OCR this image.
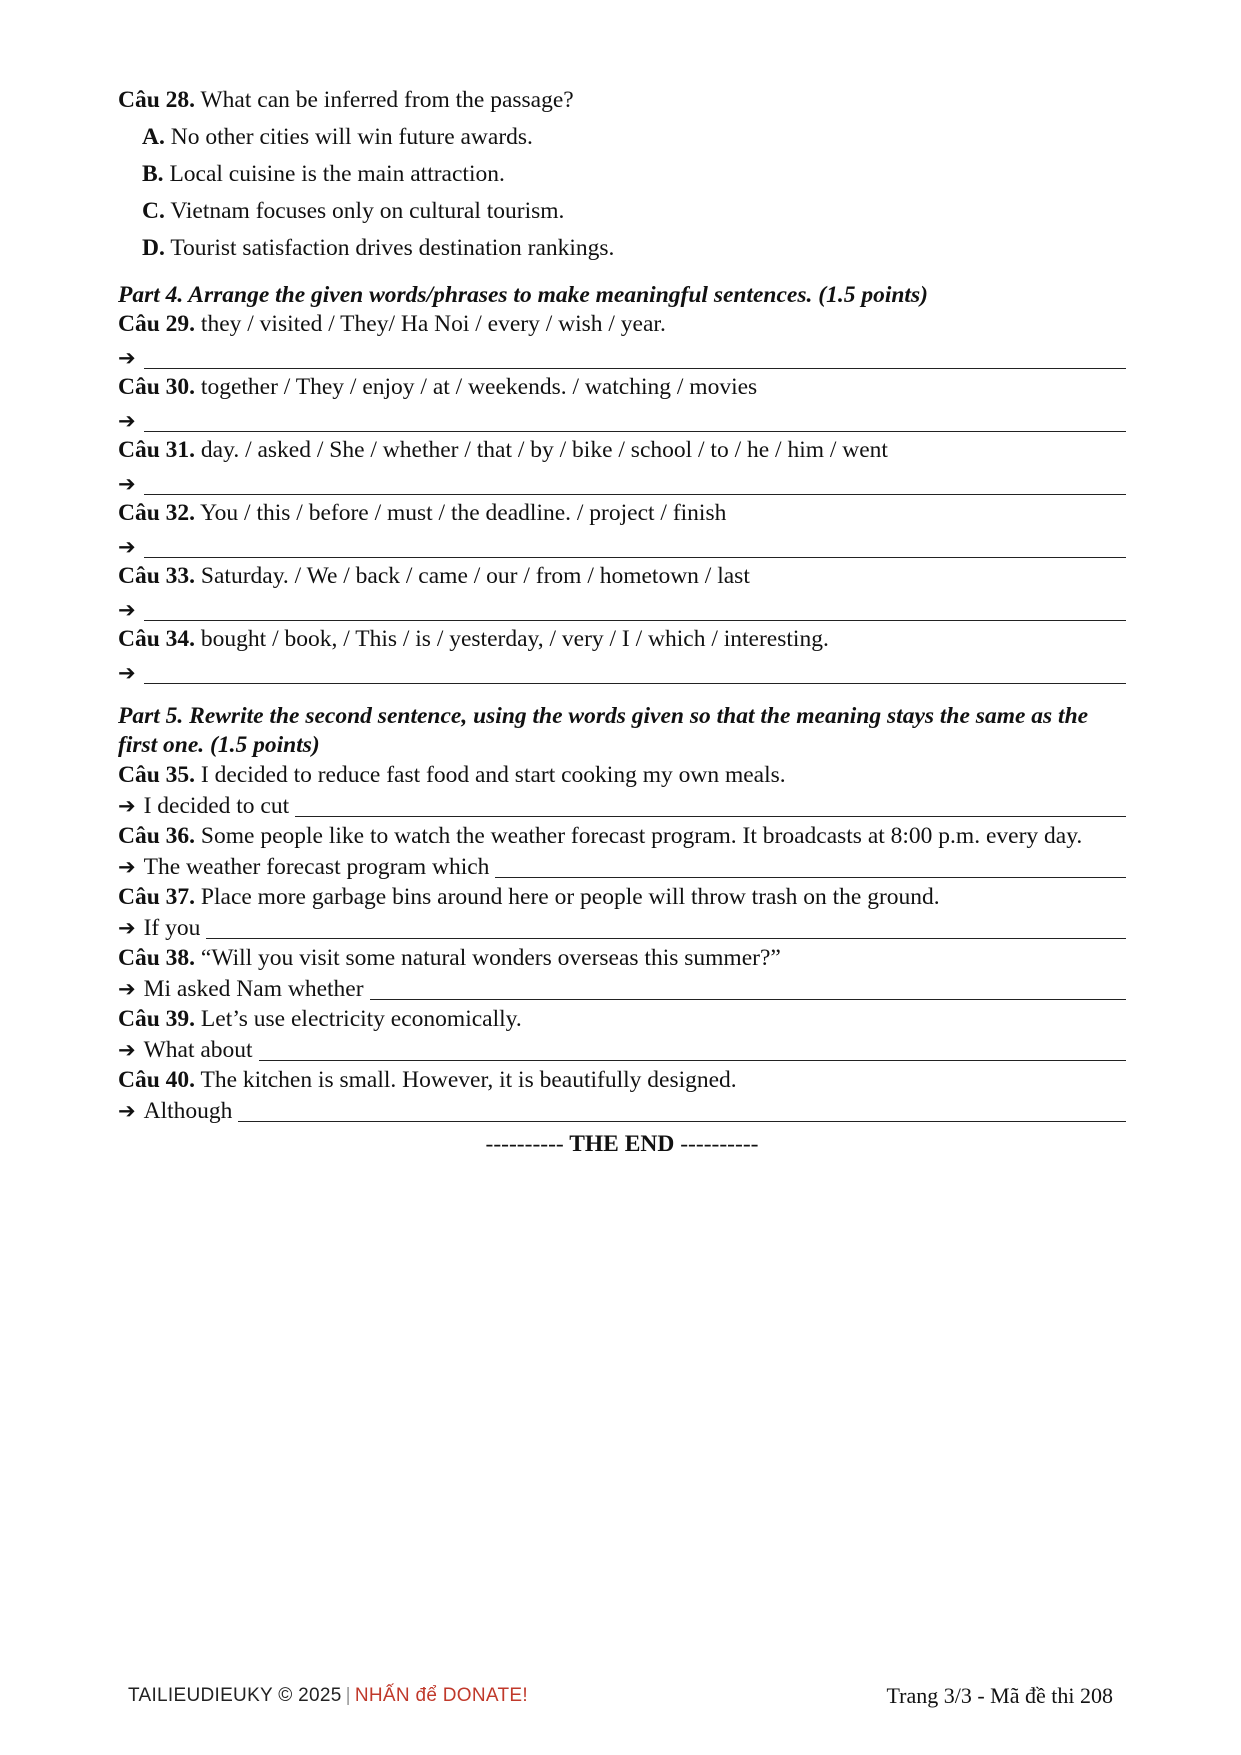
Câu 28. What can be inferred from the passage?

A. No other cities will win future awards.
B. Local cuisine is the main attraction.
C. Vietnam focuses only on cultural tourism.
D. Tourist satisfaction drives destination rankings.
Part 4. Arrange the given words/phrases to make meaningful sentences. (1.5 points)

Câu 29. they / visited / They/ Ha Noi / every / wish / year.

➔

Câu 30. together / They / enjoy / at / weekends. / watching / movies

➔

Câu 31. day. / asked / She / whether / that / by / bike / school / to / he / him / went

➔

Câu 32. You / this / before / must / the deadline. / project / finish

➔

Câu 33. Saturday. / We / back / came / our / from / hometown / last

➔

Câu 34. bought / book, / This / is / yesterday, / very / I / which / interesting.

➔
Part 5. Rewrite the second sentence, using the words given so that the meaning stays the same as the first one. (1.5 points)

Câu 35. I decided to reduce fast food and start cooking my own meals.

➔ I decided to cut

Câu 36. Some people like to watch the weather forecast program. It broadcasts at 8:00 p.m. every day.

➔ The weather forecast program which

Câu 37. Place more garbage bins around here or people will throw trash on the ground.

➔ If you

Câu 38. “Will you visit some natural wonders overseas this summer?”

➔ Mi asked Nam whether

Câu 39. Let’s use electricity economically.

➔ What about

Câu 40. The kitchen is small. However, it is beautifully designed.

➔ Although
---------- THE END ----------
TAILIEUDIEUKY © 2025 | NHẤN để DONATE!	Trang 3/3 - Mã đề thi 208
